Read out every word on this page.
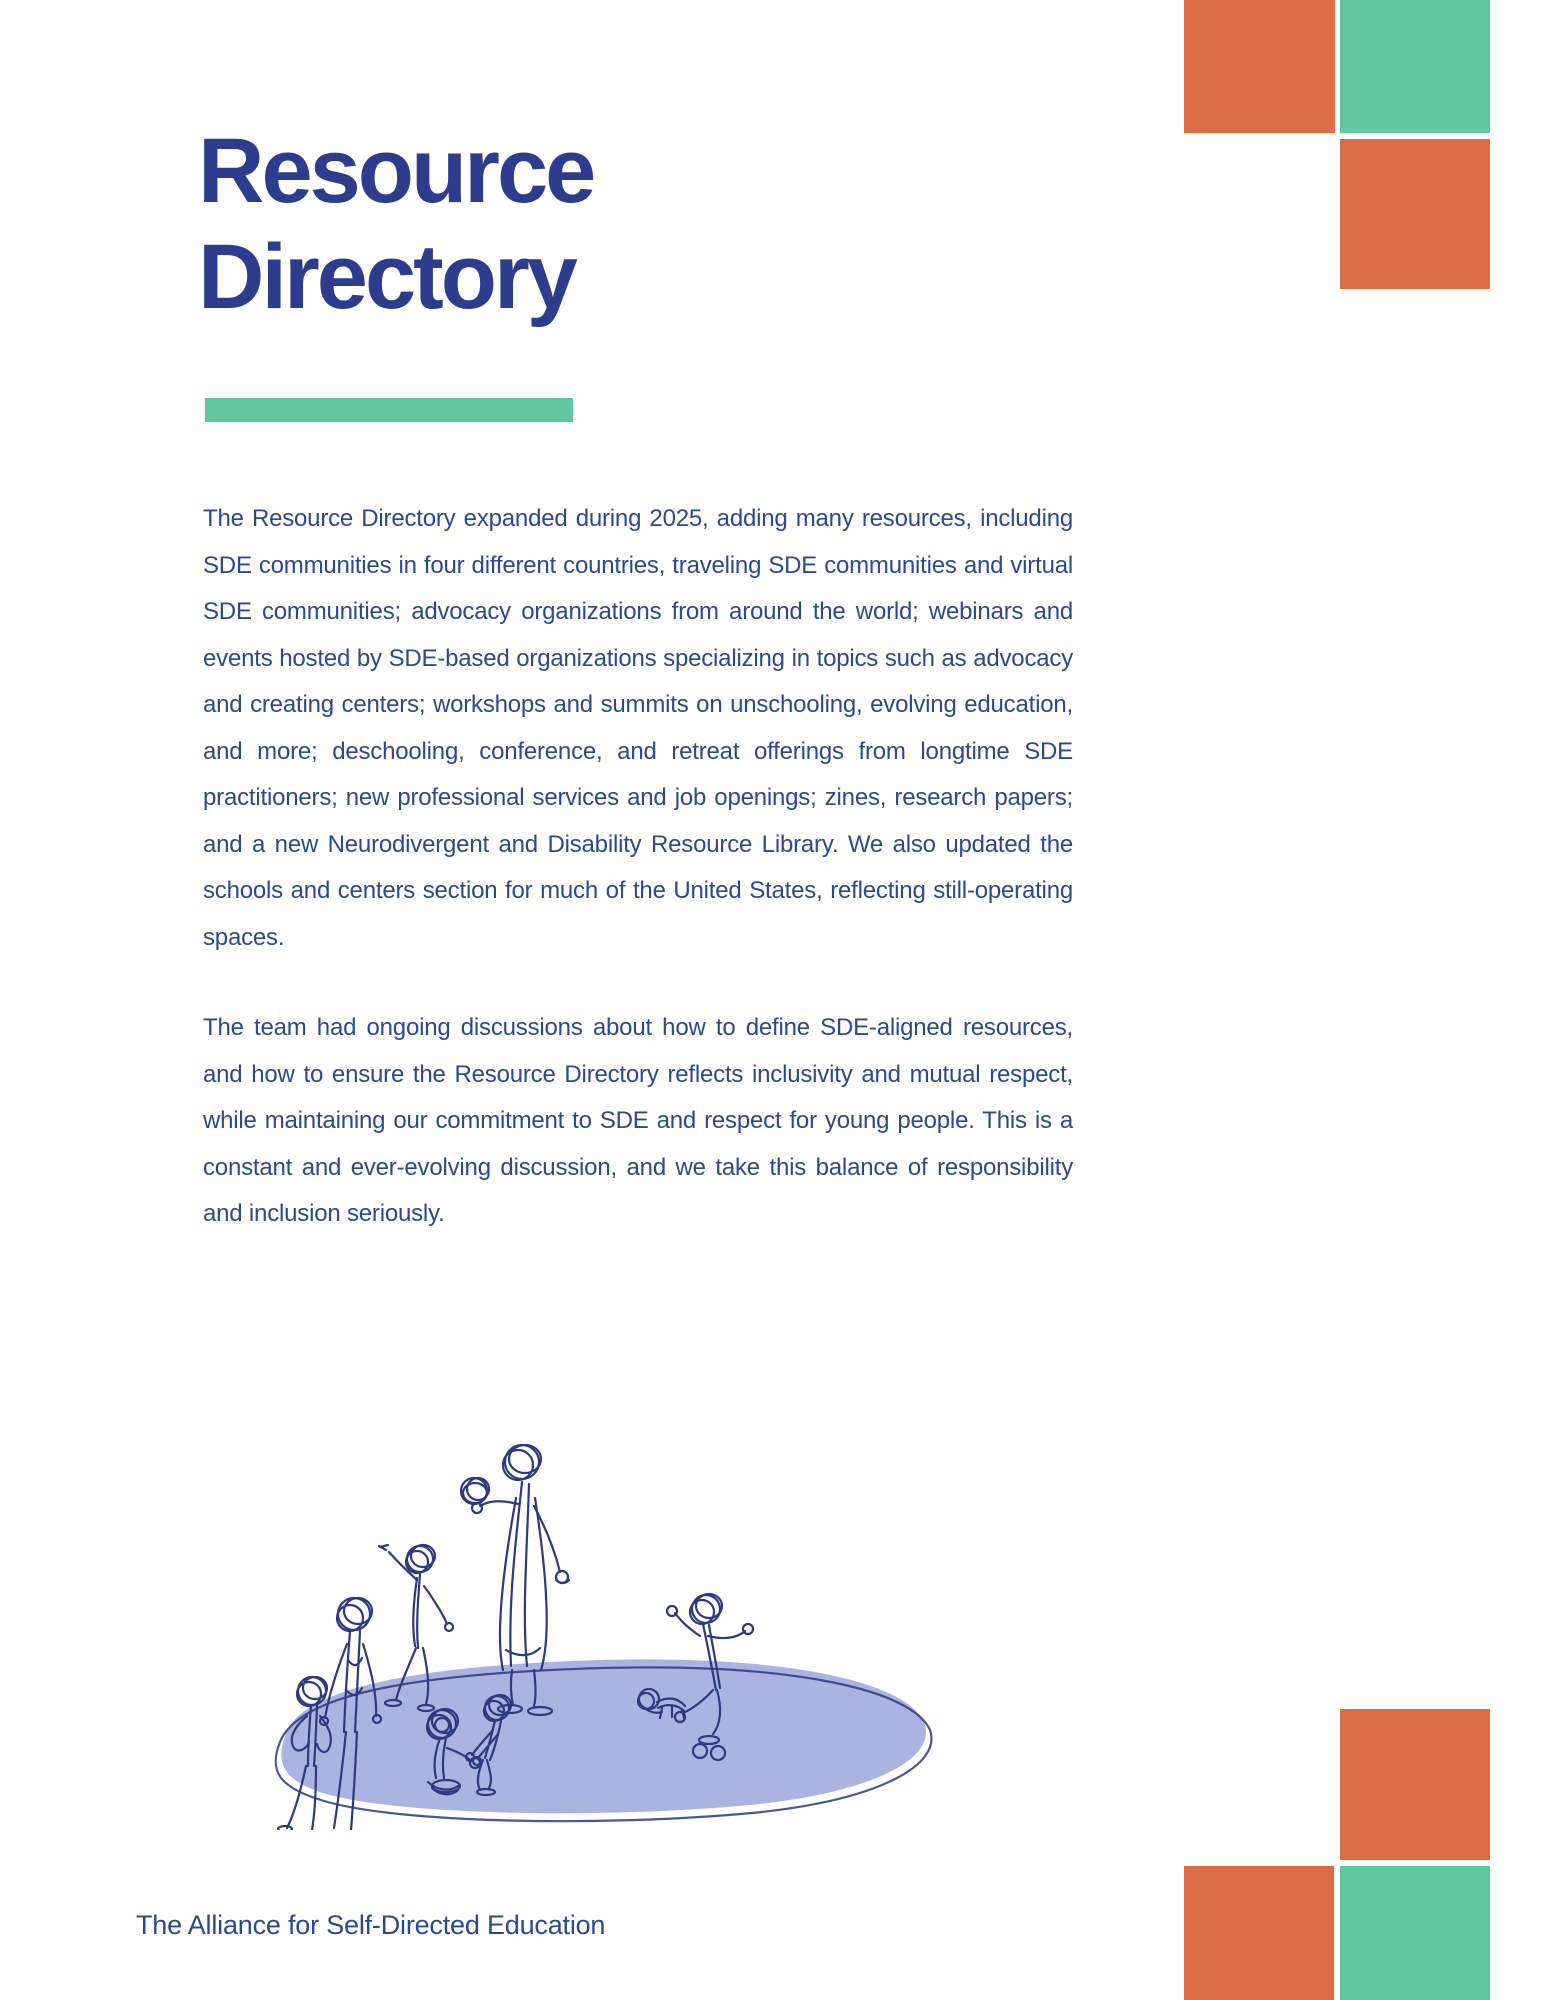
Resource Directory

The Resource Directory expanded during 2025, adding many resources, including SDE communities in four different countries, traveling SDE communities and virtual SDE communities; advocacy organizations from around the world; webinars and events hosted by SDE-based organizations specializing in topics such as advocacy and creating centers; workshops and summits on unschooling, evolving education, and more; deschooling, conference, and retreat offerings from longtime SDE practitioners; new professional services and job openings; zines, research papers; and a new Neurodivergent and Disability Resource Library. We also updated the schools and centers section for much of the United States, reflecting still-operating spaces.

The team had ongoing discussions about how to define SDE-aligned resources, and how to ensure the Resource Directory reflects inclusivity and mutual respect, while maintaining our commitment to SDE and respect for young people. This is a constant and ever-evolving discussion, and we take this balance of responsibility and inclusion seriously.

The Alliance for Self-Directed Education
